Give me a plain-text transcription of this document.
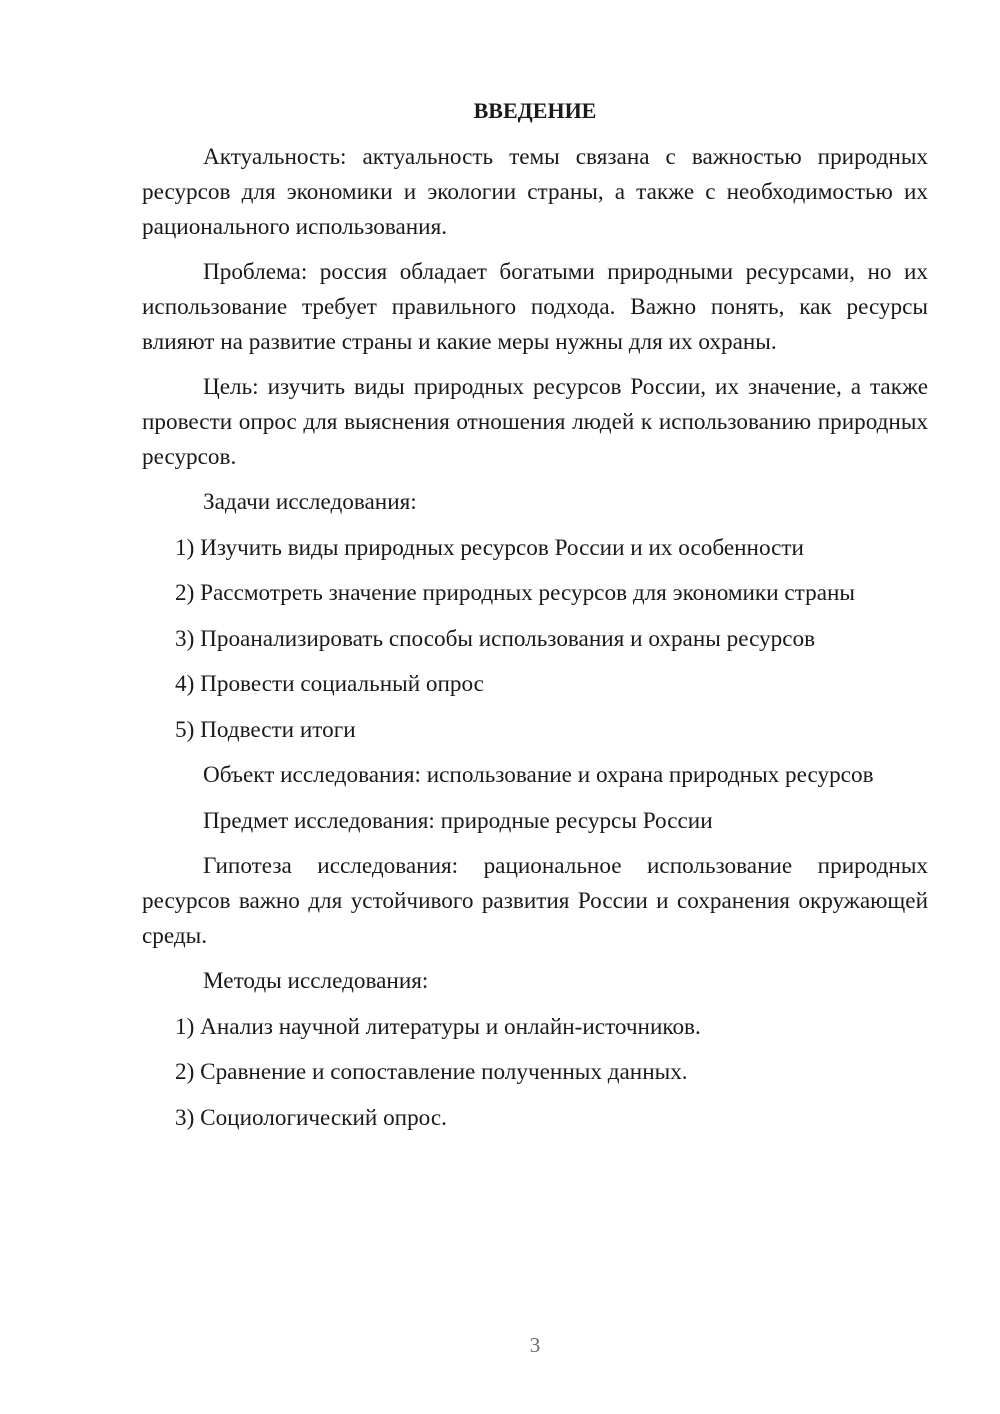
ВВЕДЕНИЕ

Актуальность: актуальность темы связана с важностью природных ресурсов для экономики и экологии страны, а также с необходимостью их рационального использования.

Проблема: россия обладает богатыми природными ресурсами, но их использование требует правильного подхода. Важно понять, как ресурсы влияют на развитие страны и какие меры нужны для их охраны.

Цель: изучить виды природных ресурсов России, их значение, а также провести опрос для выяснения отношения людей к использованию природных ресурсов.

Задачи исследования:
1) Изучить виды природных ресурсов России и их особенности
2) Рассмотреть значение природных ресурсов для экономики страны
3) Проанализировать способы использования и охраны ресурсов
4) Провести социальный опрос
5) Подвести итоги
Объект исследования: использование и охрана природных ресурсов
Предмет исследования: природные ресурсы России

Гипотеза исследования: рациональное использование природных ресурсов важно для устойчивого развития России и сохранения окружающей среды.

Методы исследования:
1) Анализ научной литературы и онлайн-источников.
2) Сравнение и сопоставление полученных данных.
3) Социологический опрос.
3
